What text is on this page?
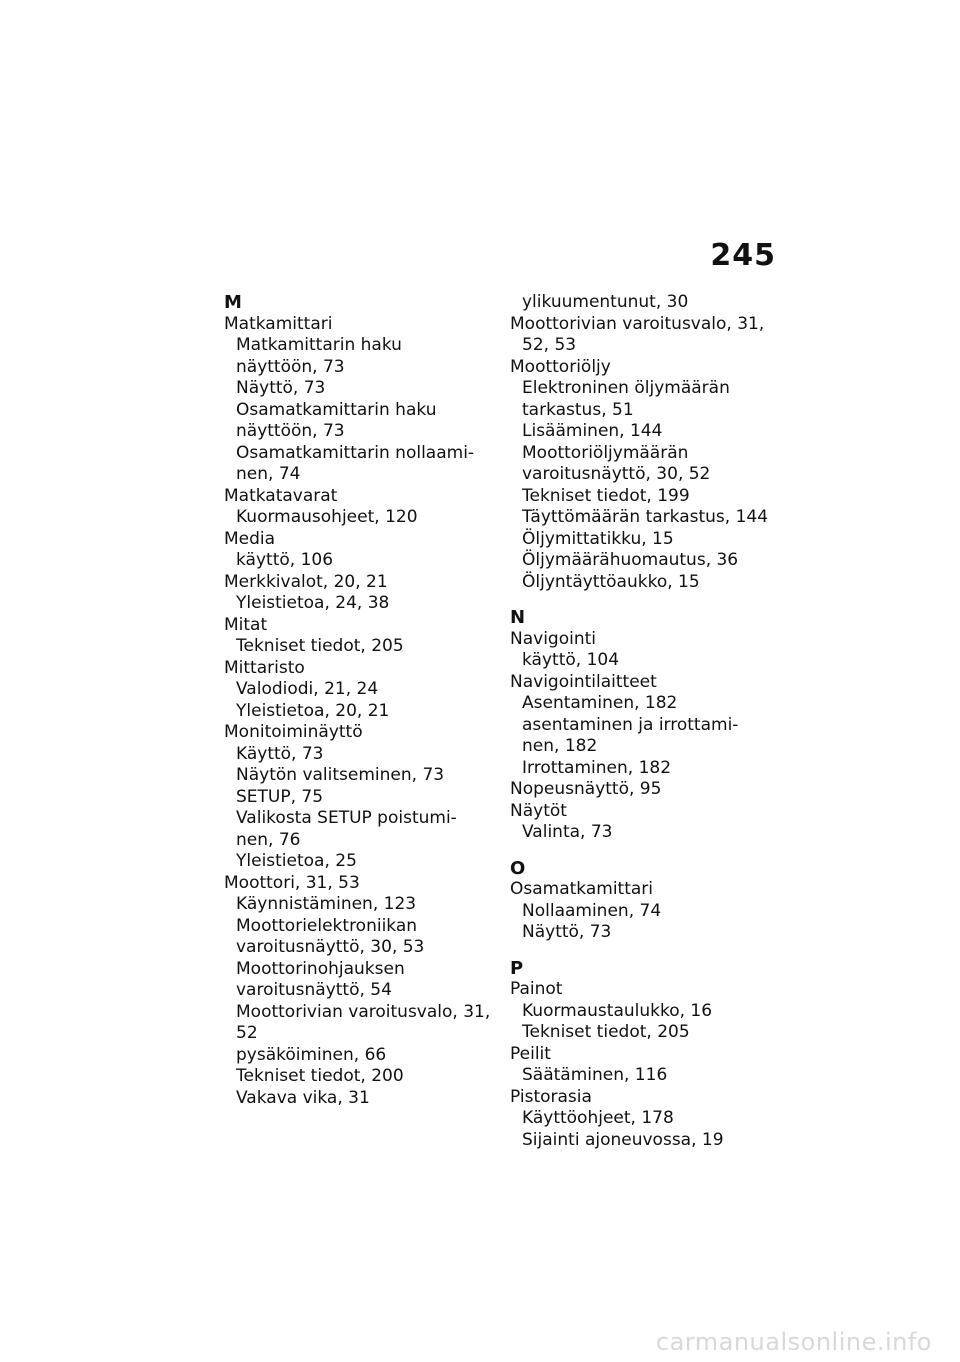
245
M
Matkamittari
Matkamittarin haku
näyttöön, 73
Näyttö, 73
Osamatkamittarin haku
näyttöön, 73
Osamatkamittarin nollaami-
nen, 74
Matkatavarat
Kuormausohjeet, 120
Media
käyttö, 106
Merkkivalot, 20, 21
Yleistietoa, 24, 38
Mitat
Tekniset tiedot, 205
Mittaristo
Valodiodi, 21, 24
Yleistietoa, 20, 21
Monitoiminäyttö
Käyttö, 73
Näytön valitseminen, 73
SETUP, 75
Valikosta SETUP poistumi-
nen, 76
Yleistietoa, 25
Moottori, 31, 53
Käynnistäminen, 123
Moottorielektroniikan
varoitusnäyttö, 30, 53
Moottorinohjauksen
varoitusnäyttö, 54
Moottorivian varoitusvalo, 31,
52
pysäköiminen, 66
Tekniset tiedot, 200
Vakava vika, 31
ylikuumentunut, 30
Moottorivian varoitusvalo, 31,
52, 53
Moottoriöljy
Elektroninen öljymäärän
tarkastus, 51
Lisääminen, 144
Moottoriöljymäärän
varoitusnäyttö, 30, 52
Tekniset tiedot, 199
Täyttömäärän tarkastus, 144
Öljymittatikku, 15
Öljymäärähuomautus, 36
Öljyntäyttöaukko, 15
N
Navigointi
käyttö, 104
Navigointilaitteet
Asentaminen, 182
asentaminen ja irrottami-
nen, 182
Irrottaminen, 182
Nopeusnäyttö, 95
Näytöt
Valinta, 73
O
Osamatkamittari
Nollaaminen, 74
Näyttö, 73
P
Painot
Kuormaustaulukko, 16
Tekniset tiedot, 205
Peilit
Säätäminen, 116
Pistorasia
Käyttöohjeet, 178
Sijainti ajoneuvossa, 19
carmanualsonline.info
